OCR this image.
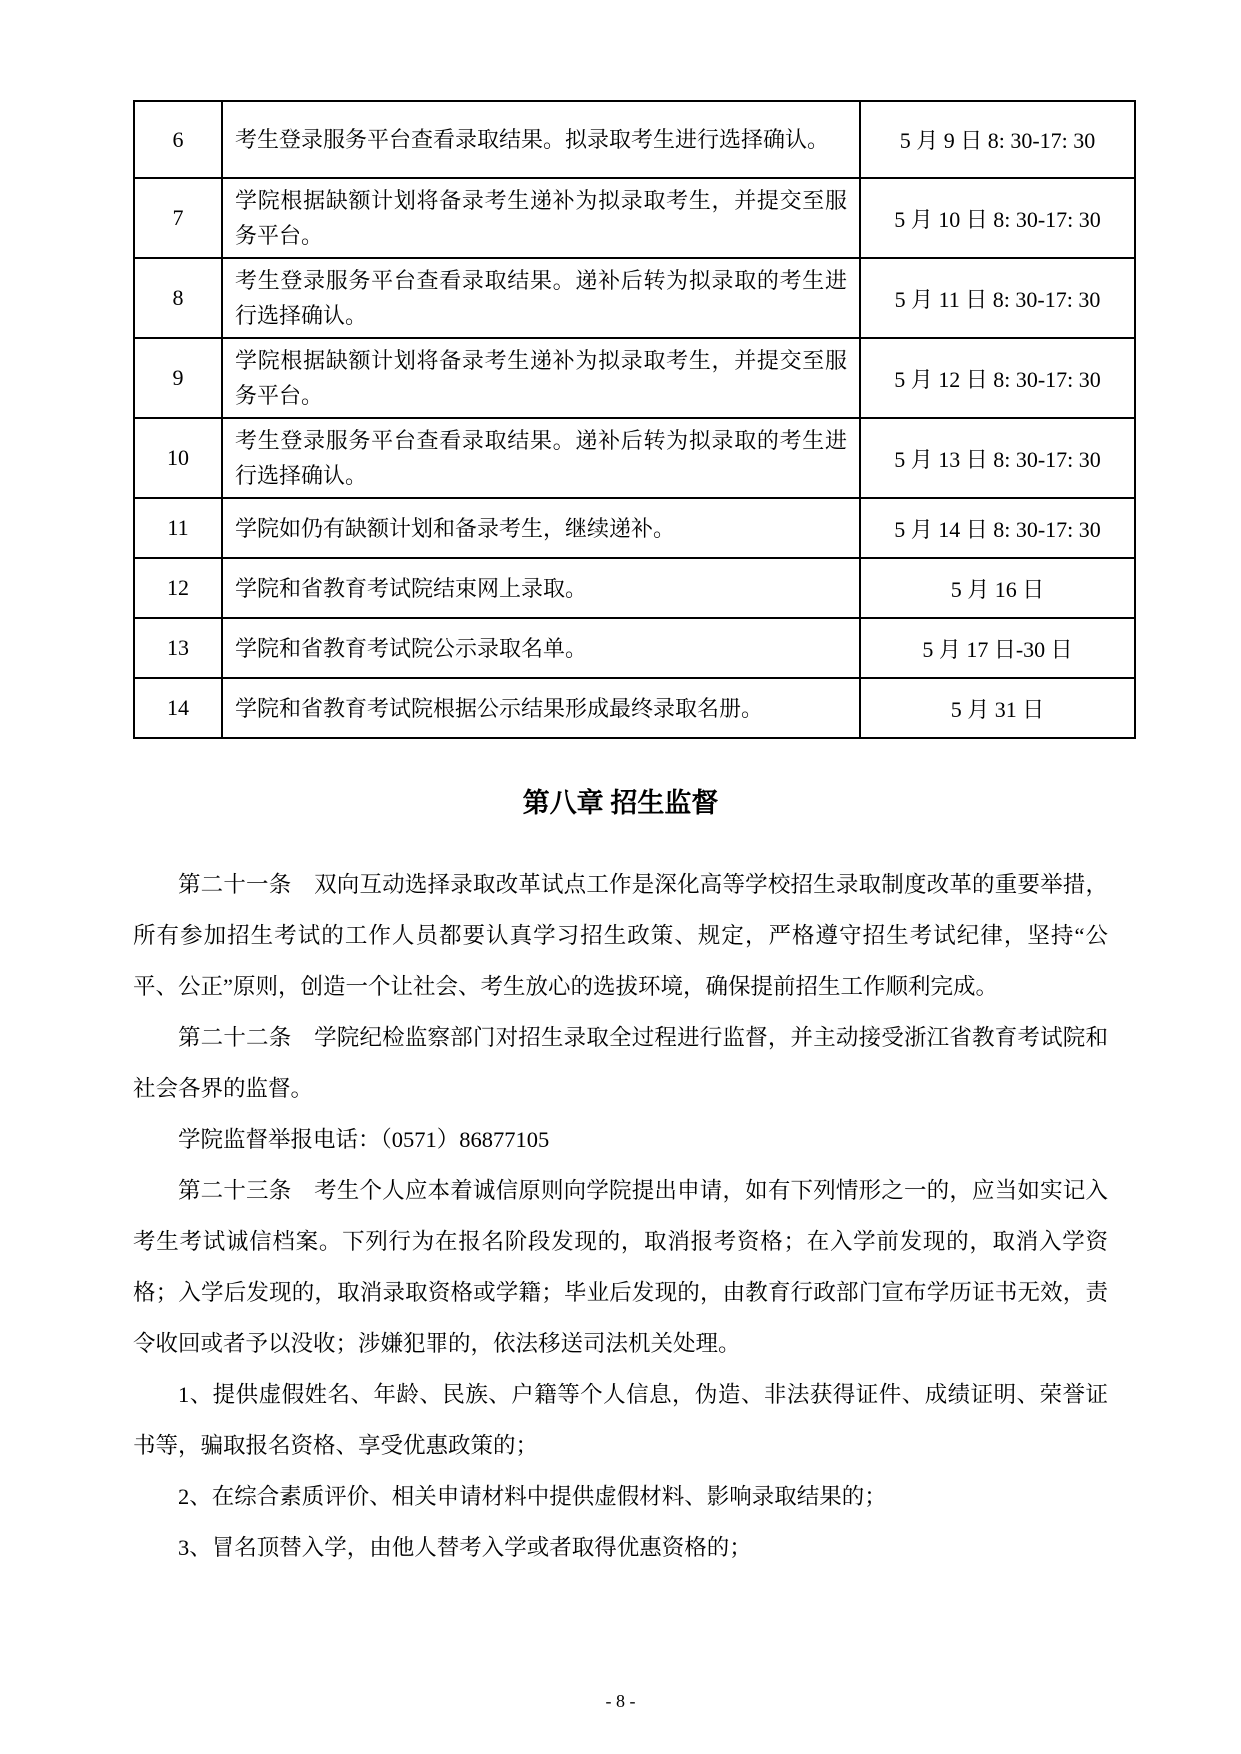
6	考生登录服务平台查看录取结果。拟录取考生进行选择确认。	5 月 9 日 8: 30-17: 30
7	学院根据缺额计划将备录考生递补为拟录取考生，并提交至服务平台。	5 月 10 日 8: 30-17: 30
8	考生登录服务平台查看录取结果。递补后转为拟录取的考生进行选择确认。	5 月 11 日 8: 30-17: 30
9	学院根据缺额计划将备录考生递补为拟录取考生，并提交至服务平台。	5 月 12 日 8: 30-17: 30
10	考生登录服务平台查看录取结果。递补后转为拟录取的考生进行选择确认。	5 月 13 日 8: 30-17: 30
11	学院如仍有缺额计划和备录考生，继续递补。	5 月 14 日 8: 30-17: 30
12	学院和省教育考试院结束网上录取。	5 月 16 日
13	学院和省教育考试院公示录取名单。	5 月 17 日-30 日
14	学院和省教育考试院根据公示结果形成最终录取名册。	5 月 31 日
第八章 招生监督

第二十一条　双向互动选择录取改革试点工作是深化高等学校招生录取制度改革的重要举措，所有参加招生考试的工作人员都要认真学习招生政策、规定，严格遵守招生考试纪律，坚持“公平、公正”原则，创造一个让社会、考生放心的选拔环境，确保提前招生工作顺利完成。

第二十二条　学院纪检监察部门对招生录取全过程进行监督，并主动接受浙江省教育考试院和社会各界的监督。

学院监督举报电话：（0571）86877105

第二十三条　考生个人应本着诚信原则向学院提出申请，如有下列情形之一的，应当如实记入考生考试诚信档案。下列行为在报名阶段发现的，取消报考资格；在入学前发现的，取消入学资格；入学后发现的，取消录取资格或学籍；毕业后发现的，由教育行政部门宣布学历证书无效，责令收回或者予以没收；涉嫌犯罪的，依法移送司法机关处理。

1、提供虚假姓名、年龄、民族、户籍等个人信息，伪造、非法获得证件、成绩证明、荣誉证书等，骗取报名资格、享受优惠政策的；

2、在综合素质评价、相关申请材料中提供虚假材料、影响录取结果的；

3、冒名顶替入学，由他人替考入学或者取得优惠资格的；

- 8 -
